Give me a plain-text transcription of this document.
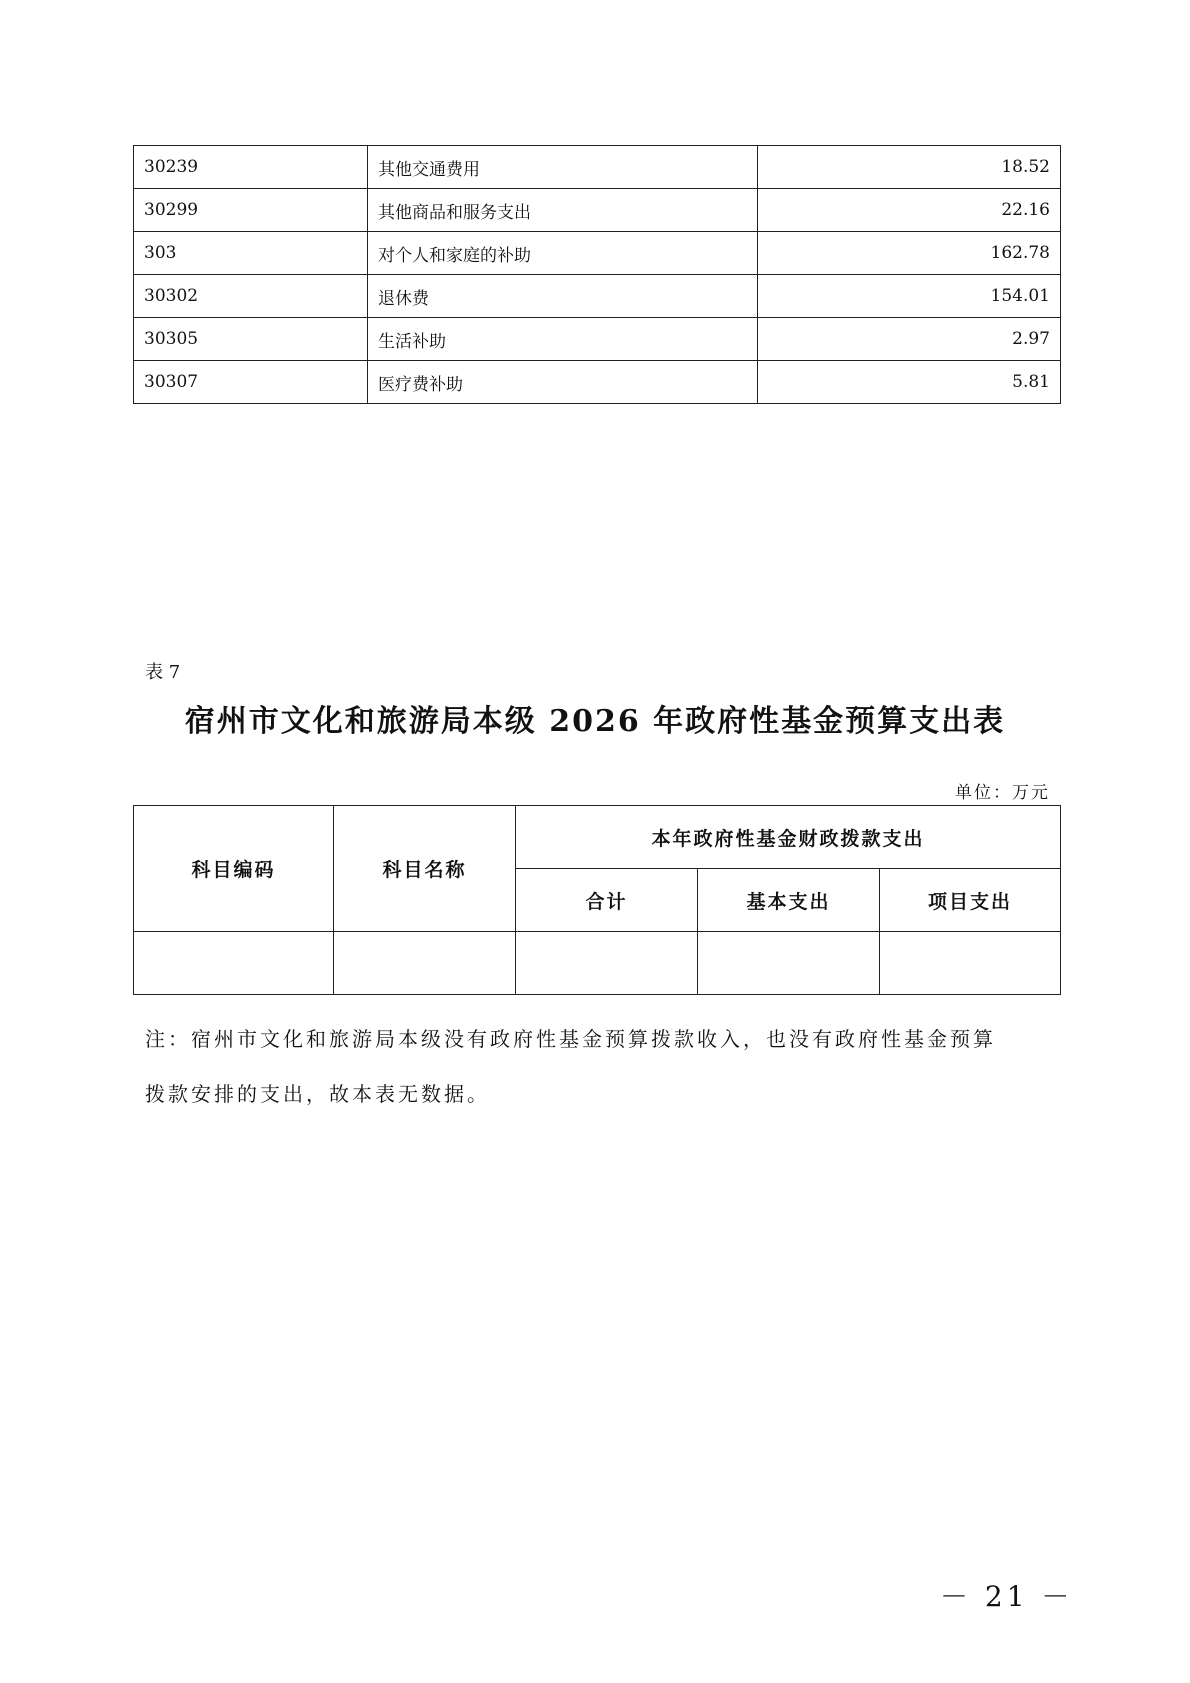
30239	其他交通费用	18.52
30299	其他商品和服务支出	22.16
303	对个人和家庭的补助	162.78
30302	退休费	154.01
30305	生活补助	2.97
30307	医疗费补助	5.81
表 7
宿州市文化和旅游局本级 2026 年政府性基金预算支出表
单位：万元
科目编码	科目名称	本年政府性基金财政拨款支出		
		合计	基本支出	项目支出

注：宿州市文化和旅游局本级没有政府性基金预算拨款收入，也没有政府性基金预算
拨款安排的支出，故本表无数据。
－ 21 －
